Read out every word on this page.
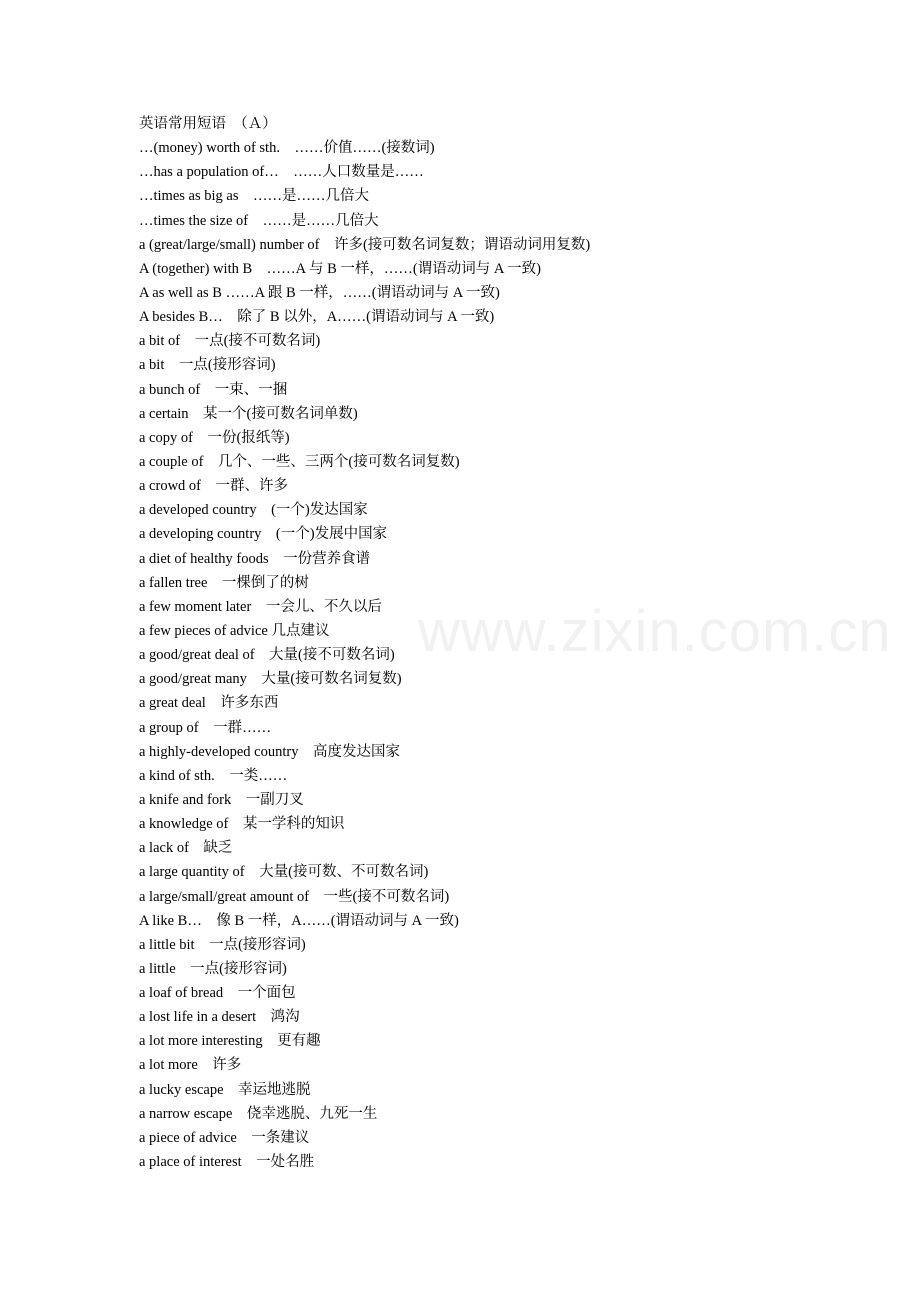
www.zixin.com.cn
英语常用短语　（Ａ）
…(money) worth of sth.　……价值……(接数词)
…has a population of…　……人口数量是……
…times as big as　……是……几倍大
…times the size of　……是……几倍大
a (great/large/small) number of　许多(接可数名词复数；谓语动词用复数)
A (together) with B　……A 与 B 一样，……(谓语动词与 A 一致)
A as well as B ……A 跟 B 一样，……(谓语动词与 A 一致)
A besides B…　除了 B 以外，A……(谓语动词与 A 一致)
a bit of　一点(接不可数名词)
a bit　一点(接形容词)
a bunch of　一束、一捆
a certain　某一个(接可数名词单数)
a copy of　一份(报纸等)
a couple of　几个、一些、三两个(接可数名词复数)
a crowd of　一群、许多
a developed country　(一个)发达国家
a developing country　(一个)发展中国家
a diet of healthy foods　一份营养食谱
a fallen tree　一棵倒了的树
a few moment later　一会儿、不久以后
a few pieces of advice 几点建议
a good/great deal of　大量(接不可数名词)
a good/great many　大量(接可数名词复数)
a great deal　许多东西
a group of　一群……
a highly-developed country　高度发达国家
a kind of sth.　一类……
a knife and fork　一副刀叉
a knowledge of　某一学科的知识
a lack of　缺乏
a large quantity of　大量(接可数、不可数名词)
a large/small/great amount of　一些(接不可数名词)
A like B…　像 B 一样，A……(谓语动词与 A 一致)
a little bit　一点(接形容词)
a little　一点(接形容词)
a loaf of bread　一个面包
a lost life in a desert　鸿沟
a lot more interesting　更有趣
a lot more　许多
a lucky escape　幸运地逃脱
a narrow escape　侥幸逃脱、九死一生
a piece of advice　一条建议
a place of interest　一处名胜
